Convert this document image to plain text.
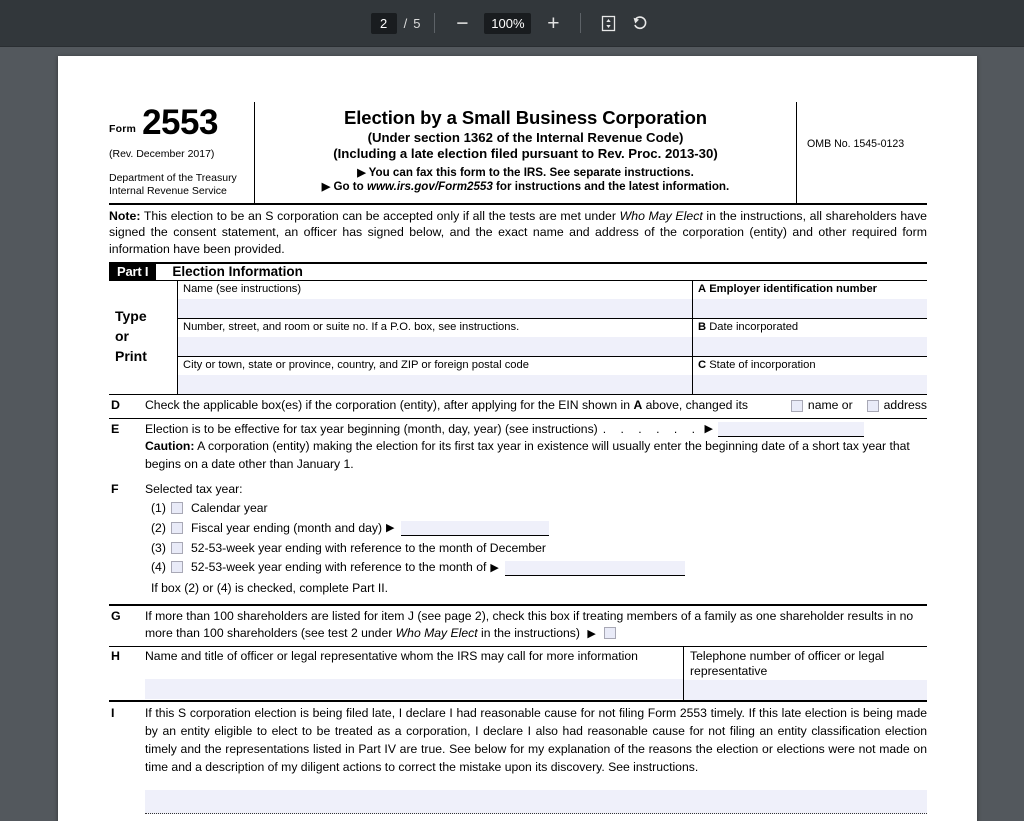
2
/ 5 −
100%	+
Form 2553
(Rev. December 2017)
Department of the Treasury
Internal Revenue Service
Election by a Small Business Corporation
(Under section 1362 of the Internal Revenue Code)
(Including a late election filed pursuant to Rev. Proc. 2013-30)
▶ You can fax this form to the IRS. See separate instructions.
▶ Go to www.irs.gov/Form2553 for instructions and the latest information.
OMB No. 1545-0123
Note: This election to be an S corporation can be accepted only if all the tests are met under Who May Elect in the instructions, all shareholders have signed the consent statement, an officer has signed below, and the exact name and address of the corporation (entity) and other required form information have been provided.
Part I	Election Information
Type
or
Print
Name (see instructions)	A Employer identification number
Number, street, and room or suite no. If a P.O. box, see instructions.	B Date incorporated
City or town, state or province, country, and ZIP or foreign postal code	C State of incorporation
D	Check the applicable box(es) if the corporation (entity), after applying for the EIN shown in A above, changed its	name or	address
E	Election is to be effective for tax year beginning (month, day, year) (see instructions) . . . . . . ▶
Caution: A corporation (entity) making the election for its first tax year in existence will usually enter the beginning date of a short tax year that begins on a date other than January 1.
F	Selected tax year:
(1)	Calendar year
(2)	Fiscal year ending (month and day) ▶
(3)	52-53-week year ending with reference to the month of December
(4)	52-53-week year ending with reference to the month of ▶
If box (2) or (4) is checked, complete Part II.
G	If more than 100 shareholders are listed for item J (see page 2), check this box if treating members of a family as one shareholder results in no more than 100 shareholders (see test 2 under Who May Elect in the instructions) ▶
H	Name and title of officer or legal representative whom the IRS may call for more information	Telephone number of officer or legal representative
I	If this S corporation election is being filed late, I declare I had reasonable cause for not filing Form 2553 timely. If this late election is being made by an entity eligible to elect to be treated as a corporation, I declare I also had reasonable cause for not filing an entity classification election timely and the representations listed in Part IV are true. See below for my explanation of the reasons the election or elections were not made on time and a description of my diligent actions to correct the mistake upon its discovery. See instructions.
